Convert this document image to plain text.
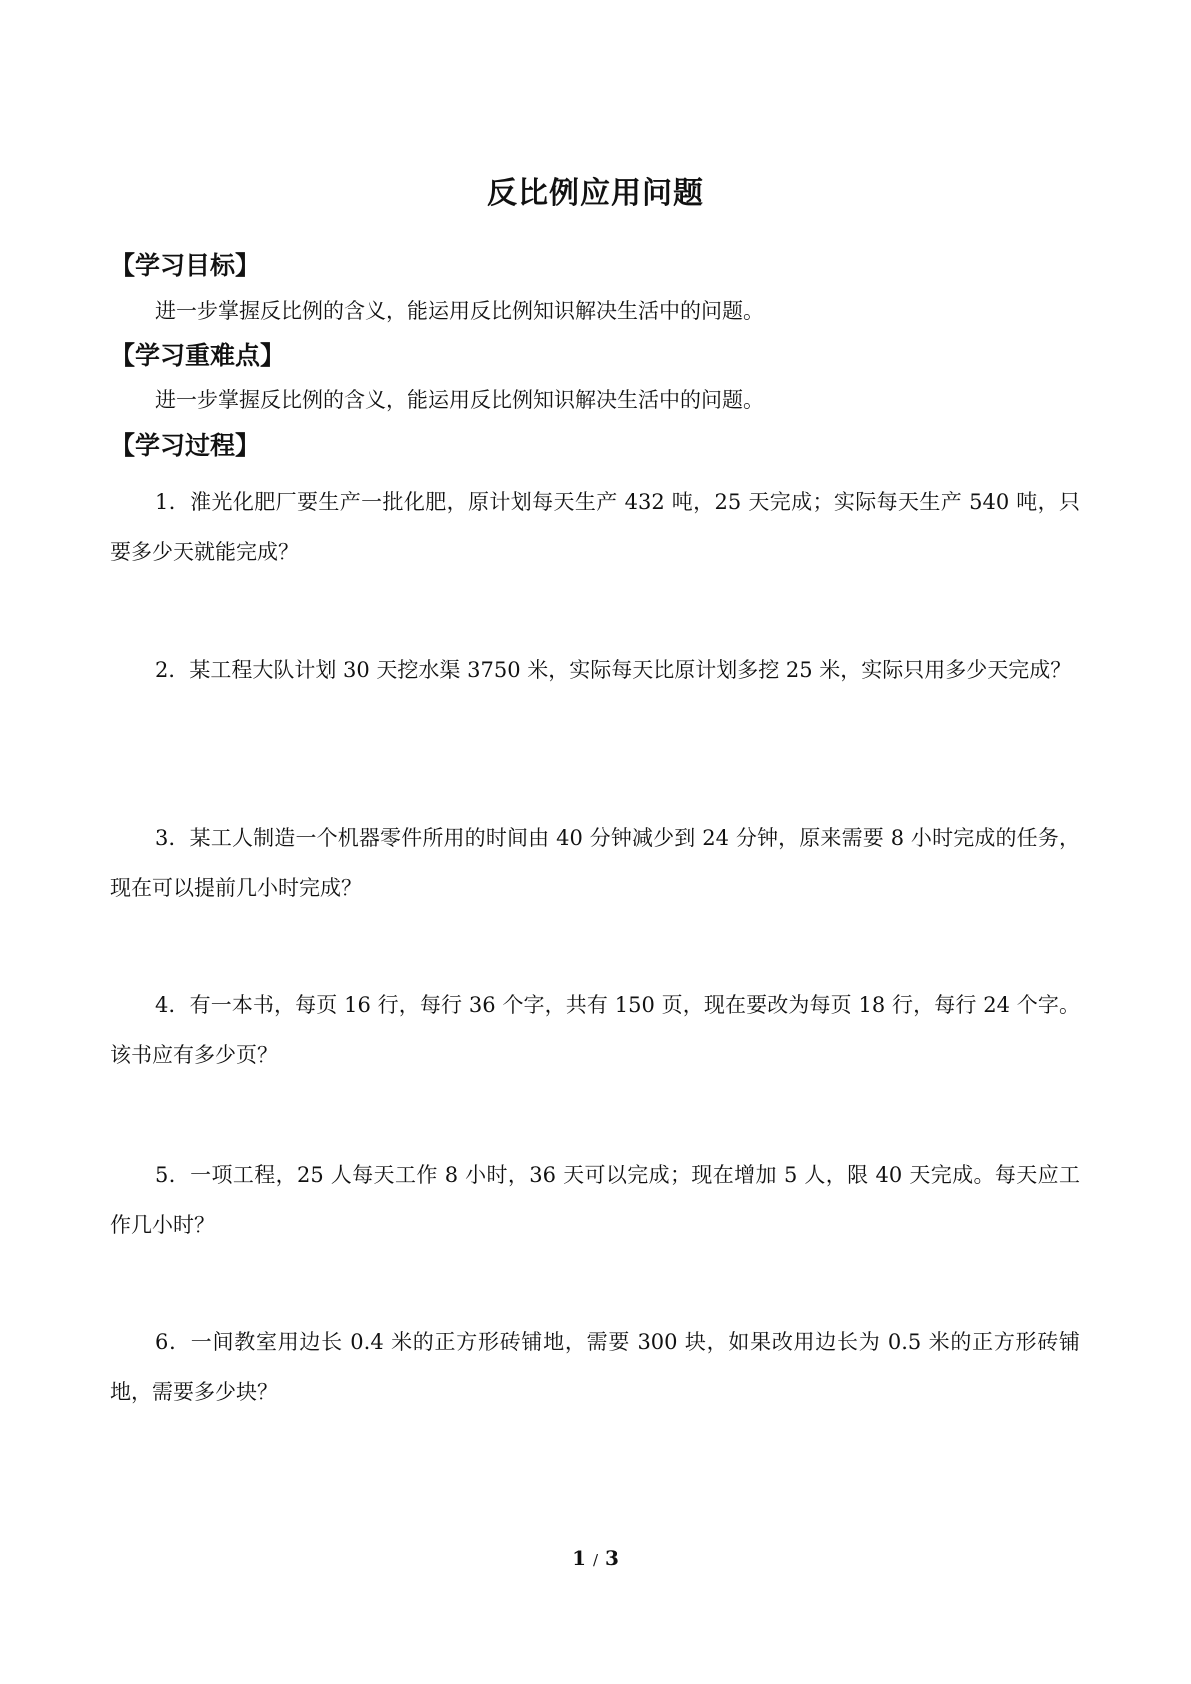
反比例应用问题
【学习目标】
进一步掌握反比例的含义，能运用反比例知识解决生活中的问题。
【学习重难点】
进一步掌握反比例的含义，能运用反比例知识解决生活中的问题。
【学习过程】
1．淮光化肥厂要生产一批化肥，原计划每天生产 432 吨，25 天完成；实际每天生产 540 吨，只要多少天就能完成？
2．某工程大队计划 30 天挖水渠 3750 米，实际每天比原计划多挖 25 米，实际只用多少天完成？
3．某工人制造一个机器零件所用的时间由 40 分钟减少到 24 分钟，原来需要 8 小时完成的任务，现在可以提前几小时完成？
4．有一本书，每页 16 行，每行 36 个字，共有 150 页，现在要改为每页 18 行，每行 24 个字。该书应有多少页？
5．一项工程，25 人每天工作 8 小时，36 天可以完成；现在增加 5 人，限 40 天完成。每天应工作几小时？
6．一间教室用边长 0.4 米的正方形砖铺地，需要 300 块，如果改用边长为 0.5 米的正方形砖铺地，需要多少块？
1 / 3
